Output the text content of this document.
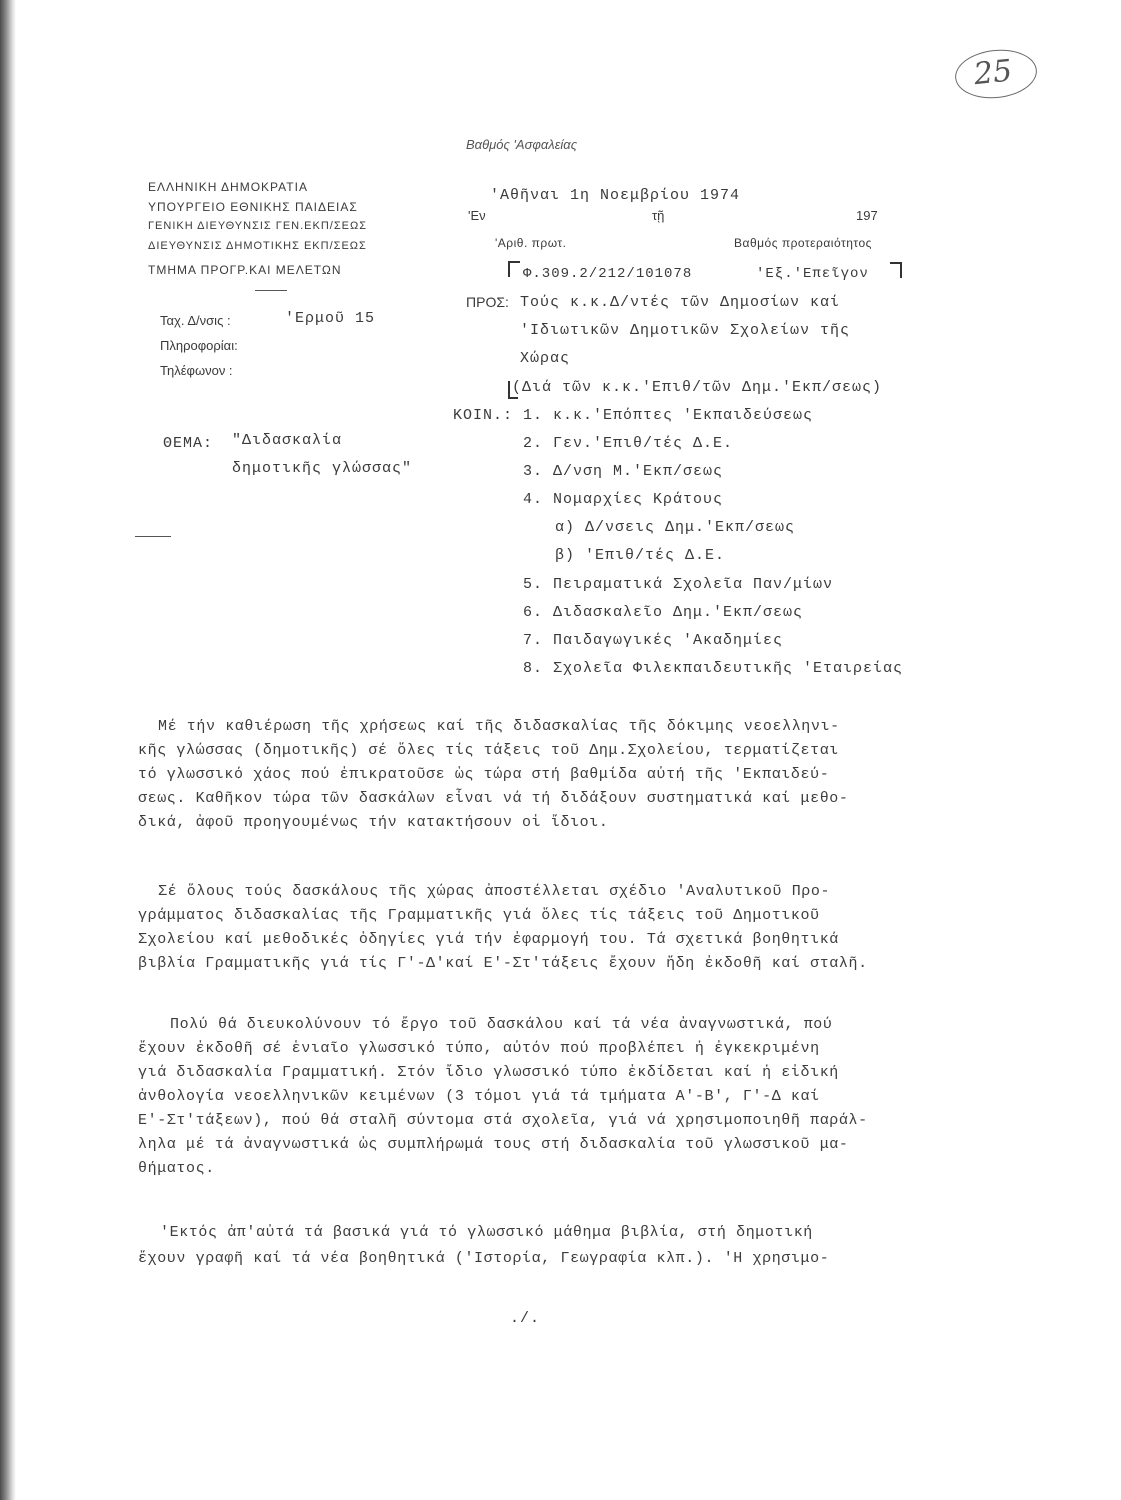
25
Βαθμός 'Ασφαλείας
ΕΛΛΗΝΙΚΗ ΔΗΜΟΚΡΑΤΙΑ
ΥΠΟΥΡΓΕΙΟ ΕΘΝΙΚΗΣ ΠΑΙΔΕΙΑΣ
ΓΕΝΙΚΗ ΔΙΕΥΘΥΝΣΙΣ ΓΕΝ.ΕΚΠ/ΣΕΩΣ
ΔΙΕΥΘΥΝΣΙΣ ΔΗΜΟΤΙΚΗΣ ΕΚΠ/ΣΕΩΣ
ΤΜΗΜΑ ΠΡΟΓΡ.ΚΑΙ ΜΕΛΕΤΩΝ
Ταχ. Δ/νσις :	'Ερμοῦ 15
Πληροφορίαι:
Τηλέφωνον :
ΘΕΜΑ: "Διδασκαλία
δημοτικῆς γλώσσας"
'Αθῆναι 1η Νοεμβρίου 1974
'Εν	τῇ	197
'Αριθ. πρωτ.	Βαθμός προτεραιότητος
Φ.309.2/212/101078	'Εξ.'Επεῖγον
ΠΡΟΣ: Τούς κ.κ.Δ/ντές τῶν Δημοσίων καί
'Ιδιωτικῶν Δημοτικῶν Σχολείων τῆς
Χώρας
(Διά τῶν κ.κ.'Επιθ/τῶν Δημ.'Εκπ/σεως)
ΚΟΙΝ.: 1. κ.κ.'Επόπτες 'Εκπαιδεύσεως
2. Γεν.'Επιθ/τές Δ.Ε.
3. Δ/νση Μ.'Εκπ/σεως
4. Νομαρχίες Κράτους
α) Δ/νσεις Δημ.'Εκπ/σεως
β) 'Επιθ/τές Δ.Ε.
5. Πειραματικά Σχολεῖα Παν/μίων
6. Διδασκαλεῖο Δημ.'Εκπ/σεως
7. Παιδαγωγικές 'Ακαδημίες
8. Σχολεῖα Φιλεκπαιδευτικῆς 'Εταιρείας
Μέ τήν καθιέρωση τῆς χρήσεως καί τῆς διδασκαλίας τῆς δόκιμης νεοελληνι-
κῆς γλώσσας (δημοτικῆς) σέ ὅλες τίς τάξεις τοῦ Δημ.Σχολείου, τερματίζεται
τό γλωσσικό χάος πού ἐπικρατοῦσε ὡς τώρα στή βαθμίδα αὐτή τῆς 'Εκπαιδεύ-
σεως. Καθῆκον τώρα τῶν δασκάλων εἶναι νά τή διδάξουν συστηματικά καί μεθο-
δικά, ἀφοῦ προηγουμένως τήν κατακτήσουν οἱ ἴδιοι.
Σέ ὅλους τούς δασκάλους τῆς χώρας ἀποστέλλεται σχέδιο 'Αναλυτικοῦ Προ-
γράμματος διδασκαλίας τῆς Γραμματικῆς γιά ὅλες τίς τάξεις τοῦ Δημοτικοῦ
Σχολείου καί μεθοδικές ὁδηγίες γιά τήν ἐφαρμογή του. Τά σχετικά βοηθητικά
βιβλία Γραμματικῆς γιά τίς Γ'-Δ'καί Ε'-Στ'τάξεις ἔχουν ἤδη ἐκδοθῆ καί σταλῆ.
Πολύ θά διευκολύνουν τό ἔργο τοῦ δασκάλου καί τά νέα ἀναγνωστικά, πού
ἔχουν ἐκδοθῆ σέ ἑνιαῖο γλωσσικό τύπο, αὐτόν πού προβλέπει ἡ ἐγκεκριμένη
γιά διδασκαλία Γραμματική. Στόν ἴδιο γλωσσικό τύπο ἐκδίδεται καί ἡ εἰδική
ἀνθολογία νεοελληνικῶν κειμένων (3 τόμοι γιά τά τμήματα Α'-Β', Γ'-Δ καί
Ε'-Στ'τάξεων), πού θά σταλῆ σύντομα στά σχολεῖα, γιά νά χρησιμοποιηθῆ παράλ-
ληλα μέ τά ἀναγνωστικά ὡς συμπλήρωμά τους στή διδασκαλία τοῦ γλωσσικοῦ μα-
θήματος.
'Εκτός ἀπ'αὐτά τά βασικά γιά τό γλωσσικό μάθημα βιβλία, στή δημοτική
ἔχουν γραφῆ καί τά νέα βοηθητικά ('Ιστορία, Γεωγραφία κλπ.). 'Η χρησιμο-
./.
